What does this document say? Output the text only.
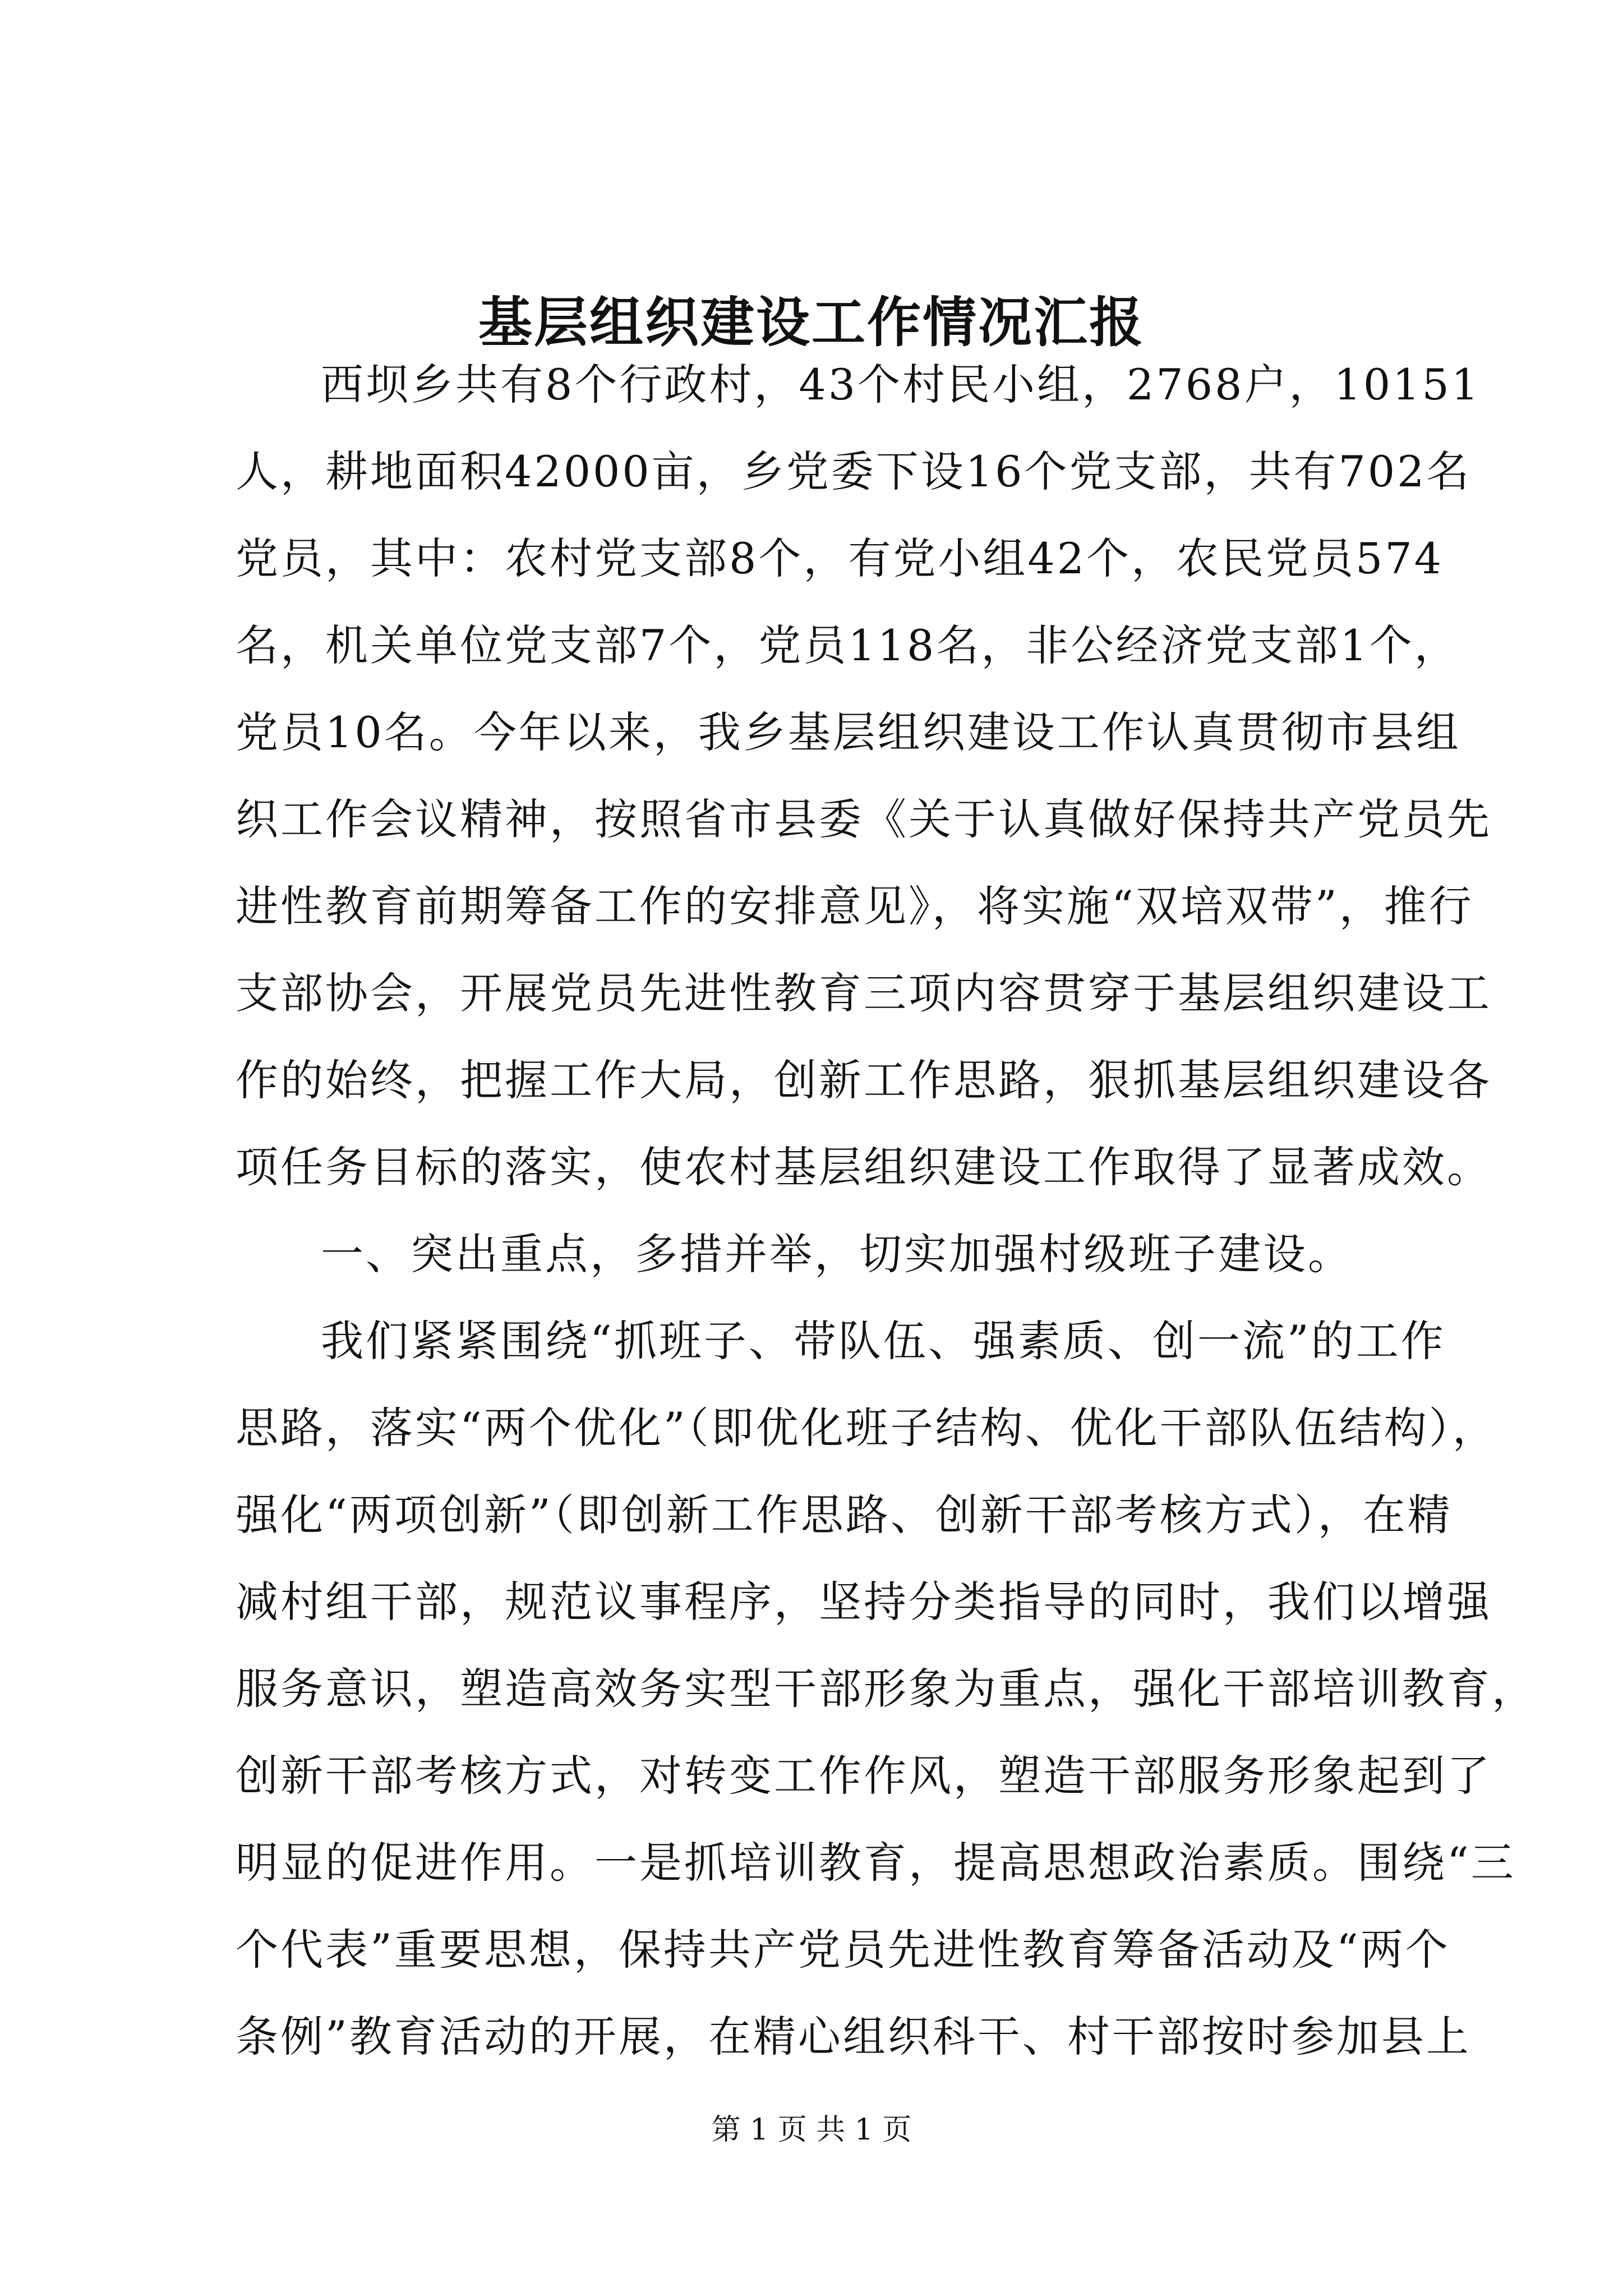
基层组织建设工作情况汇报
西坝乡共有8个行政村，43个村民小组，2768户，10151
人，耕地面积42000亩，乡党委下设16个党支部，共有702名
党员，其中：农村党支部8个，有党小组42个，农民党员574
名，机关单位党支部7个，党员118名，非公经济党支部1个，
党员10名。今年以来，我乡基层组织建设工作认真贯彻市县组
织工作会议精神，按照省市县委《关于认真做好保持共产党员先
进性教育前期筹备工作的安排意见》，将实施“双培双带”，推行
支部协会，开展党员先进性教育三项内容贯穿于基层组织建设工
作的始终，把握工作大局，创新工作思路，狠抓基层组织建设各
项任务目标的落实，使农村基层组织建设工作取得了显著成效。
一、突出重点，多措并举，切实加强村级班子建设。
我们紧紧围绕“抓班子、带队伍、强素质、创一流”的工作
思路，落实“两个优化”（即优化班子结构、优化干部队伍结构），
强化“两项创新”（即创新工作思路、创新干部考核方式），在精
减村组干部，规范议事程序，坚持分类指导的同时，我们以增强
服务意识，塑造高效务实型干部形象为重点，强化干部培训教育，
创新干部考核方式，对转变工作作风，塑造干部服务形象起到了
明显的促进作用。一是抓培训教育，提高思想政治素质。围绕“三
个代表”重要思想，保持共产党员先进性教育筹备活动及“两个
条例”教育活动的开展，在精心组织科干、村干部按时参加县上
第 1 页 共 1 页
